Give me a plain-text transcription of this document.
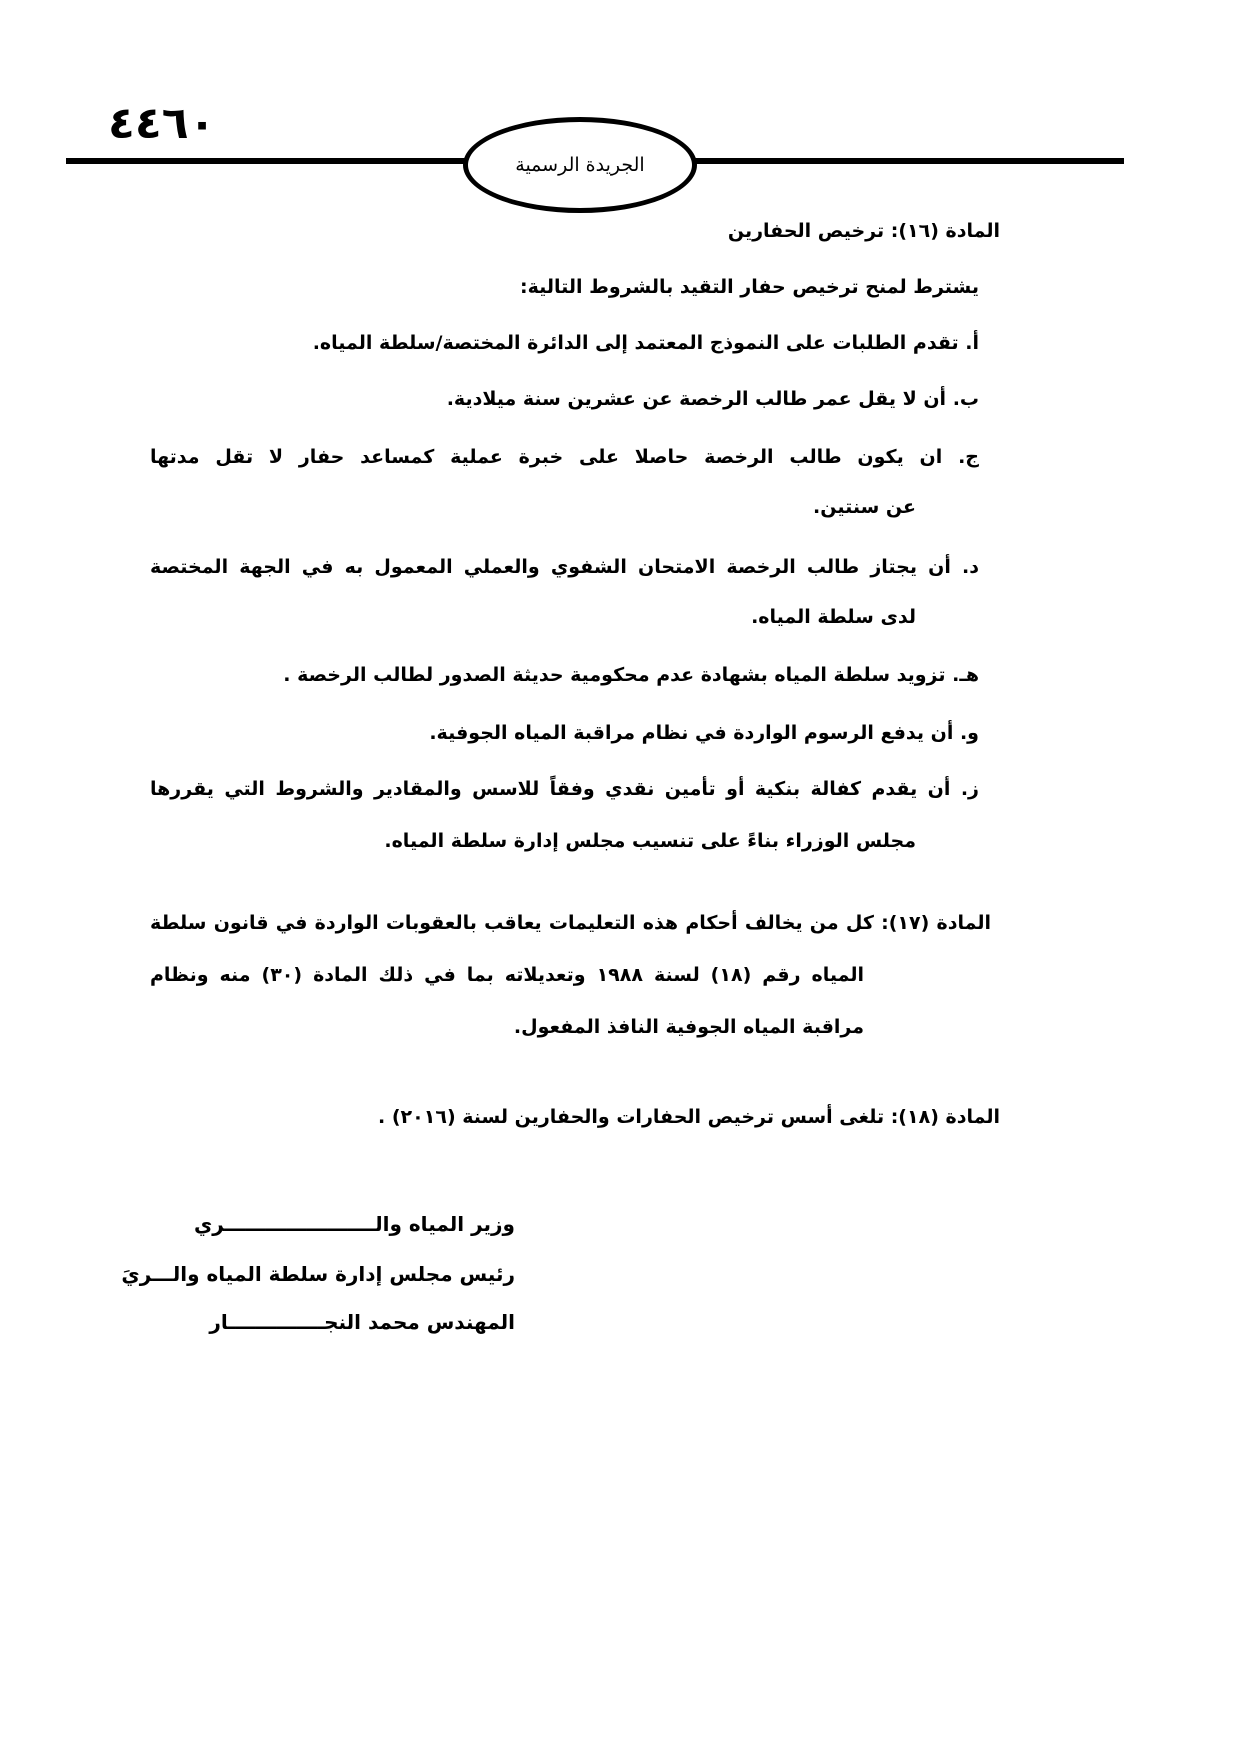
٤٤٦٠
الجريدة الرسمية
المادة (١٦): ترخيص الحفارين
يشترط لمنح ترخيص حفار التقيد بالشروط التالية:
أ. تقدم الطلبات على النموذج المعتمد إلى الدائرة المختصة/سلطة المياه.
ب. أن لا يقل عمر طالب الرخصة عن عشرين سنة ميلادية.
ج. ان يكون طالب الرخصة حاصلا على خبرة عملية كمساعد حفار لا تقل مدتها
عن سنتين.
د. أن يجتاز طالب الرخصة الامتحان الشفوي والعملي المعمول به في الجهة المختصة
لدى سلطة المياه.
هـ. تزويد سلطة المياه بشهادة عدم محكومية حديثة الصدور لطالب الرخصة .
و. أن يدفع الرسوم الواردة في نظام مراقبة المياه الجوفية.
ز. أن يقدم كفالة بنكية أو تأمين نقدي وفقاً للاسس والمقادير والشروط التي يقررها
مجلس الوزراء بناءً على تنسيب مجلس إدارة سلطة المياه.
المادة (١٧): كل من يخالف أحكام هذه التعليمات يعاقب بالعقوبات الواردة في قانون سلطة
المياه رقم (١٨) لسنة ١٩٨٨ وتعديلاته بما في ذلك المادة (٣٠) منه ونظام
مراقبة المياه الجوفية النافذ المفعول.
المادة (١٨): تلغى أسس ترخيص الحفارات والحفارين لسنة (٢٠١٦) .
وزير المياه والــــــــــــــــــــــري
رئيس مجلس إدارة سلطة المياه والـــريَ
المهندس محمد النجــــــــــــــار
